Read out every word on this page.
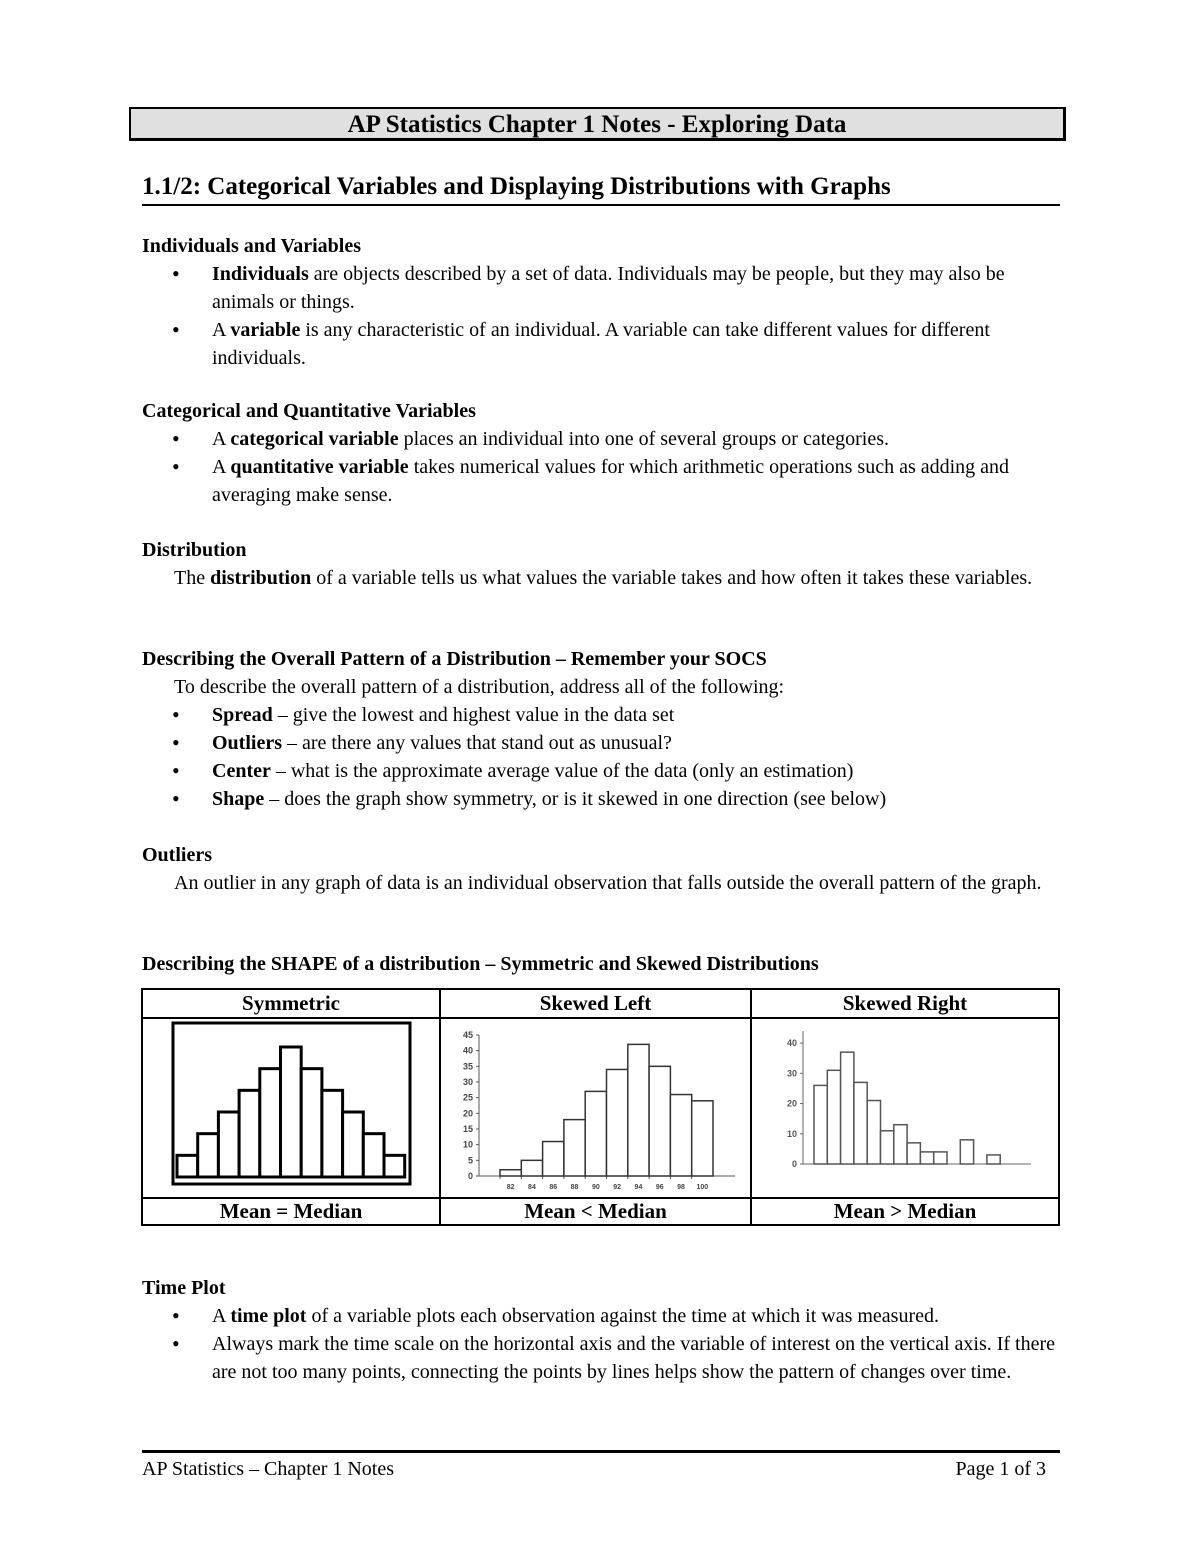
AP Statistics Chapter 1 Notes - Exploring Data
1.1/2: Categorical Variables and Displaying Distributions with Graphs
Individuals and Variables
• Individuals are objects described by a set of data. Individuals may be people, but they may also be animals or things.
• A variable is any characteristic of an individual. A variable can take different values for different individuals.
Categorical and Quantitative Variables
• A categorical variable places an individual into one of several groups or categories.
• A quantitative variable takes numerical values for which arithmetic operations such as adding and averaging make sense.
Distribution
The distribution of a variable tells us what values the variable takes and how often it takes these variables.
Describing the Overall Pattern of a Distribution – Remember your SOCS
To describe the overall pattern of a distribution, address all of the following:
• Spread – give the lowest and highest value in the data set
• Outliers – are there any values that stand out as unusual?
• Center – what is the approximate average value of the data (only an estimation)
• Shape – does the graph show symmetry, or is it skewed in one direction (see below)
Outliers
An outlier in any graph of data is an individual observation that falls outside the overall pattern of the graph.
Describing the SHAPE of a distribution – Symmetric and Skewed Distributions
Symmetric	Skewed Left	Skewed Right

0
5
10
15
20
25
30
35
40
45
82 84 86 88 90 92 94 96 98 100

0
10
20
30
40

Mean = Median	Mean < Median	Mean > Median
Time Plot
• A time plot of a variable plots each observation against the time at which it was measured.
• Always mark the time scale on the horizontal axis and the variable of interest on the vertical axis. If there are not too many points, connecting the points by lines helps show the pattern of changes over time.
AP Statistics – Chapter 1 Notes	Page 1 of 3
